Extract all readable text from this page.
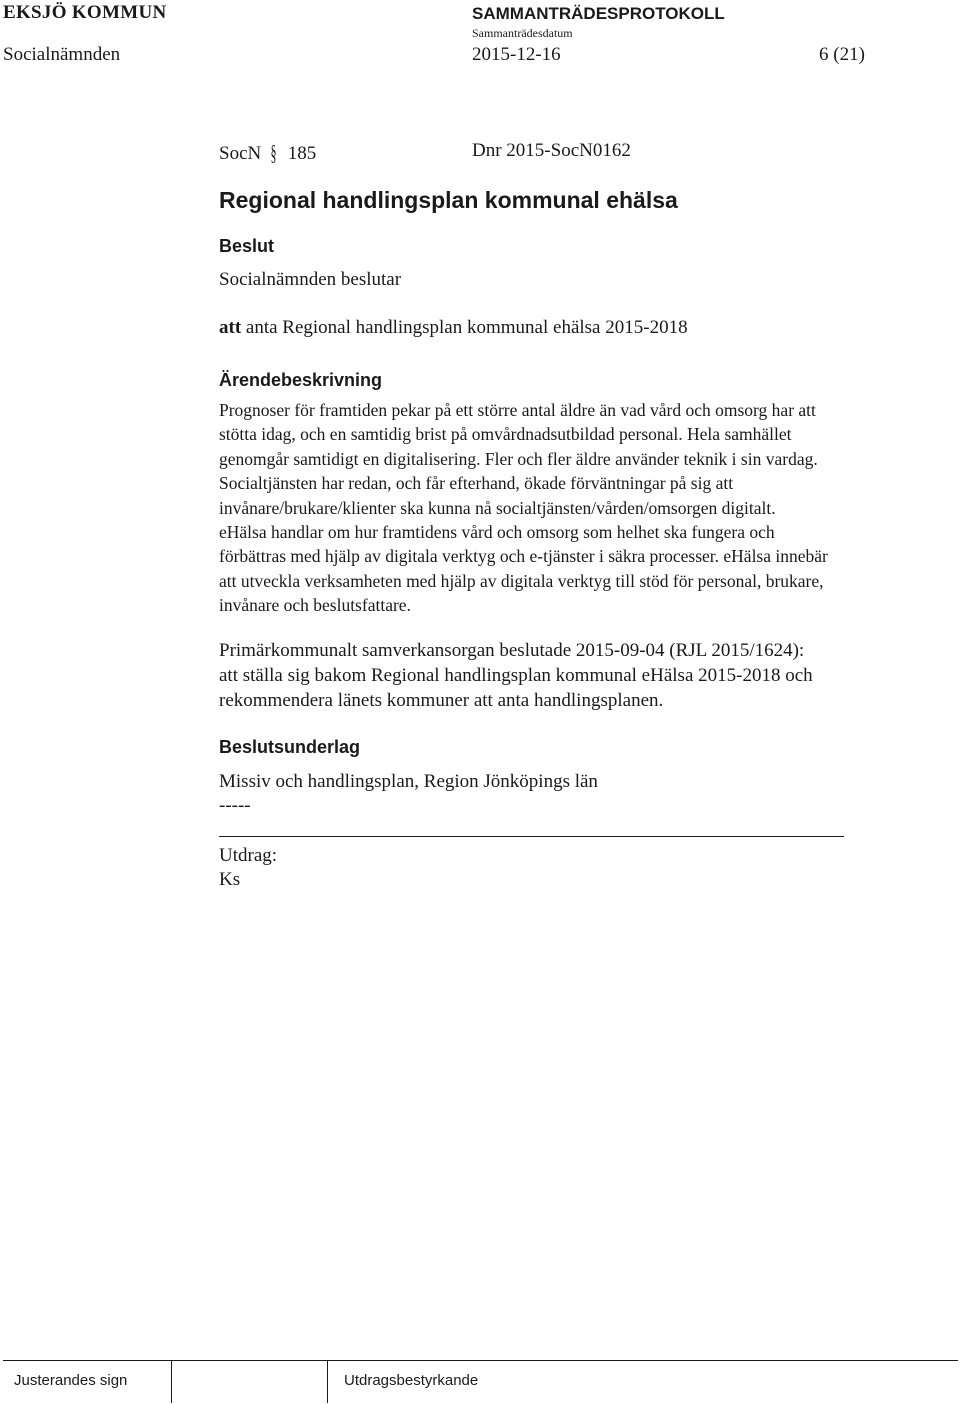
EKSJÖ KOMMUN	SAMMANTRÄDESPROTOKOLL
Sammanträdesdatum
Socialnämnden	2015-12-16	6 (21)
SocN § 185	Dnr 2015-SocN0162
Regional handlingsplan kommunal ehälsa
Beslut
Socialnämnden beslutar
att anta Regional handlingsplan kommunal ehälsa 2015-2018
Ärendebeskrivning
Prognoser för framtiden pekar på ett större antal äldre än vad vård och omsorg har att
stötta idag, och en samtidig brist på omvårdnadsutbildad personal. Hela samhället
genomgår samtidigt en digitalisering. Fler och fler äldre använder teknik i sin vardag.
Socialtjänsten har redan, och får efterhand, ökade förväntningar på sig att
invånare/brukare/klienter ska kunna nå socialtjänsten/vården/omsorgen digitalt.
eHälsa handlar om hur framtidens vård och omsorg som helhet ska fungera och
förbättras med hjälp av digitala verktyg och e-tjänster i säkra processer. eHälsa innebär
att utveckla verksamheten med hjälp av digitala verktyg till stöd för personal, brukare,
invånare och beslutsfattare.
Primärkommunalt samverkansorgan beslutade 2015-09-04 (RJL 2015/1624):
att ställa sig bakom Regional handlingsplan kommunal eHälsa 2015-2018 och
rekommendera länets kommuner att anta handlingsplanen.
Beslutsunderlag
Missiv och handlingsplan, Region Jönköpings län
-----
Utdrag:
Ks
Justerandes sign	Utdragsbestyrkande
